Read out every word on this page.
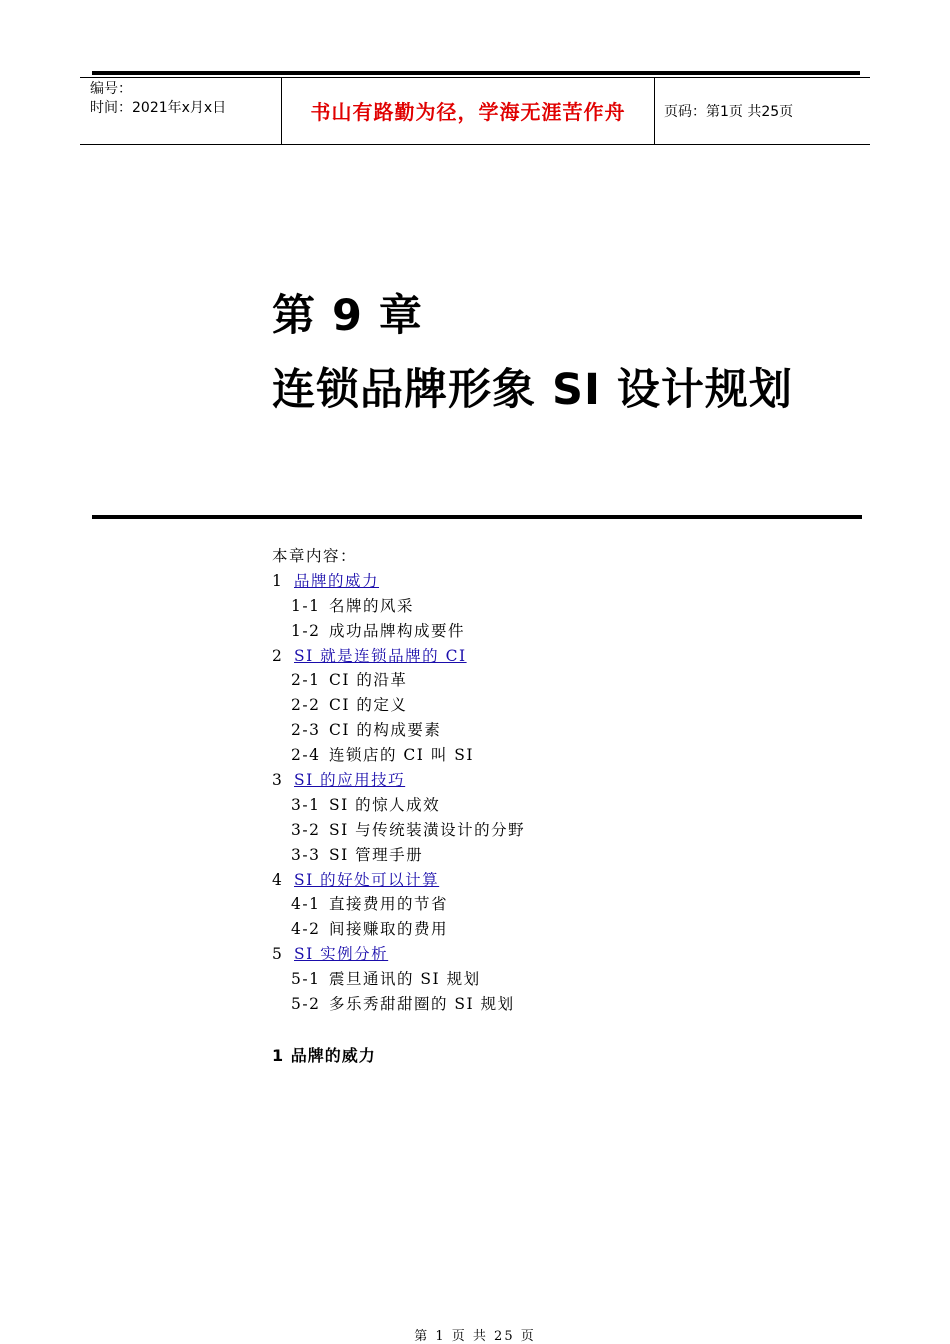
编号：
时间：2021年x月x日	书山有路勤为径，学海无涯苦作舟	页码：第1页 共25页
第 9 章
连锁品牌形象 SI 设计规划
本章内容：
1 品牌的威力
1-1 名牌的风采
1-2 成功品牌构成要件
2 SI 就是连锁品牌的 CI
2-1 CI 的沿革
2-2 CI 的定义
2-3 CI 的构成要素
2-4 连锁店的 CI 叫 SI
3 SI 的应用技巧
3-1 SI 的惊人成效
3-2 SI 与传统装潢设计的分野
3-3 SI 管理手册
4 SI 的好处可以计算
4-1 直接费用的节省
4-2 间接赚取的费用
5 SI 实例分析
5-1 震旦通讯的 SI 规划
5-2 多乐秀甜甜圈的 SI 规划
1 品牌的威力
第 1 页 共 25 页
